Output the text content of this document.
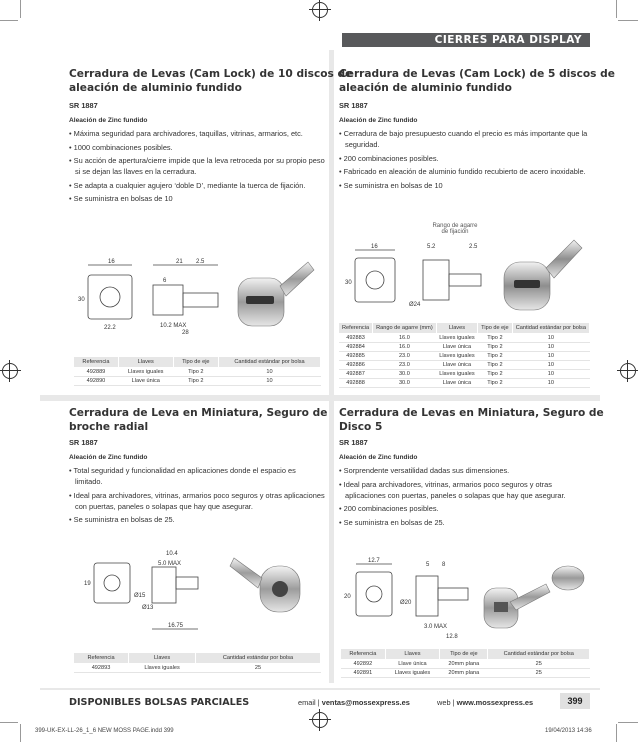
CIERRES PARA DISPLAY
Cerradura de Levas (Cam Lock) de 10 discos de
aleación de aluminio fundido
SR 1887
Aleación de Zinc fundido
• Máxima seguridad para archivadores, taquillas, vitrinas, armarios, etc.
• 1000 combinaciones posibles.
• Su acción de apertura/cierre impide que la leva retroceda por su propio peso si se dejan las llaves en la cerradura.
• Se adapta a cualquier agujero ‘doble D’, mediante la tuerca de fijación.
• Se suministra en bolsas de 10
16	21 2.5
6
30
22.2	10.2 MAX
28
Referencia	Llaves	Tipo de eje	Cantidad estándar por bolsa
492889	Llaves iguales	Tipo 2	10
492890	Llave única	Tipo 2	10
Cerradura de Levas (Cam Lock) de 5 discos de
aleación de aluminio fundido
SR 1887
Aleación de Zinc fundido
• Cerradura de bajo presupuesto cuando el precio es más importante que la seguridad.
• 200 combinaciones posibles.
• Fabricado en aleación de aluminio fundido recubierto de acero inoxidable.
• Se suministra en bolsas de 10
Rango de agarre
de fijación
16	5.2	2.5
30
Ø24
Referencia	Rango de agarre (mm)	Llaves	Tipo de eje	Cantidad estándar por bolsa
492883	16.0	Llaves iguales	Tipo 2	10
492884	16.0	Llave única	Tipo 2	10
492885	23.0	Llaves iguales	Tipo 2	10
492886	23.0	Llave única	Tipo 2	10
492887	30.0	Llaves iguales	Tipo 2	10
492888	30.0	Llave única	Tipo 2	10
Cerradura de Leva en Miniatura, Seguro de
broche radial
SR 1887
Aleación de Zinc fundido
• Total seguridad y funcionalidad en aplicaciones donde el espacio es limitado.
• Ideal para archivadores, vitrinas, armarios poco seguros y otras aplicaciones con puertas, paneles o solapas que hay que asegurar.
• Se suministra en bolsas de 25.
10.4
5.0 MAX
19
Ø15
Ø13
16.75
Referencia	Llaves	Cantidad estándar por bolsa
492893	Llaves iguales	25
Cerradura de Levas en Miniatura, Seguro de
Disco 5
SR 1887
Aleación de Zinc fundido
• Sorprendente versatilidad dadas sus dimensiones.
• Ideal para archivadores, vitrinas, armarios poco seguros y otras aplicaciones con puertas, paneles o solapas que hay que asegurar.
• 200 combinaciones posibles.
• Se suministra en bolsas de 25.
12.7
5 8
20
Ø20
3.0 MAX
12.8
Referencia	Llaves	Tipo de eje	Cantidad estándar por bolsa
492892	Llave única	20mm plana	25
492891	Llaves iguales	20mm plana	25
DISPONIBLES BOLSAS PARCIALES	email | ventas@mossexpress.es	web | www.mossexpress.es	399
399-UK-EX-LL-26_1_6 NEW MOSS PAGE.indd 399	19/04/2013 14:36
